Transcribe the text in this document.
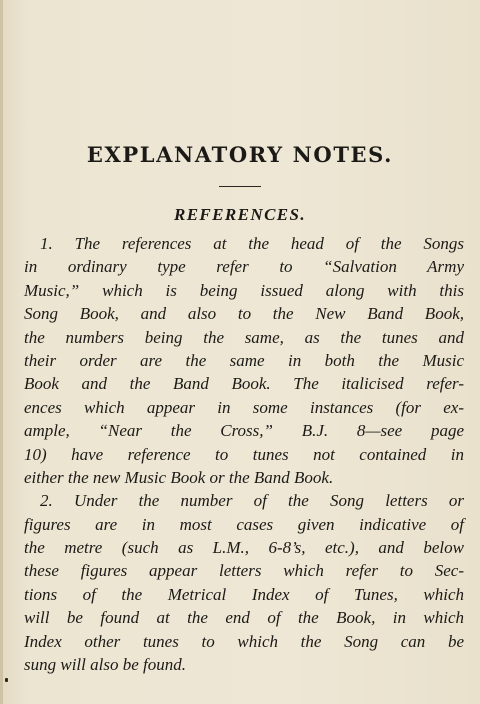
EXPLANATORY NOTES.
REFERENCES.
1. The references at the head of the Songs
in ordinary type refer to “Salvation Army
Music,” which is being issued along with this
Song Book, and also to the New Band Book,
the numbers being the same, as the tunes and
their order are the same in both the Music
Book and the Band Book. The italicised refer-
ences which appear in some instances (for ex-
ample, “Near the Cross,” B.J. 8—see page
10) have reference to tunes not contained in
either the new Music Book or the Band Book.
2. Under the number of the Song letters or
figures are in most cases given indicative of
the metre (such as L.M., 6-8’s, etc.), and below
these figures appear letters which refer to Sec-
tions of the Metrical Index of Tunes, which
will be found at the end of the Book, in which
Index other tunes to which the Song can be
sung will also be found.
